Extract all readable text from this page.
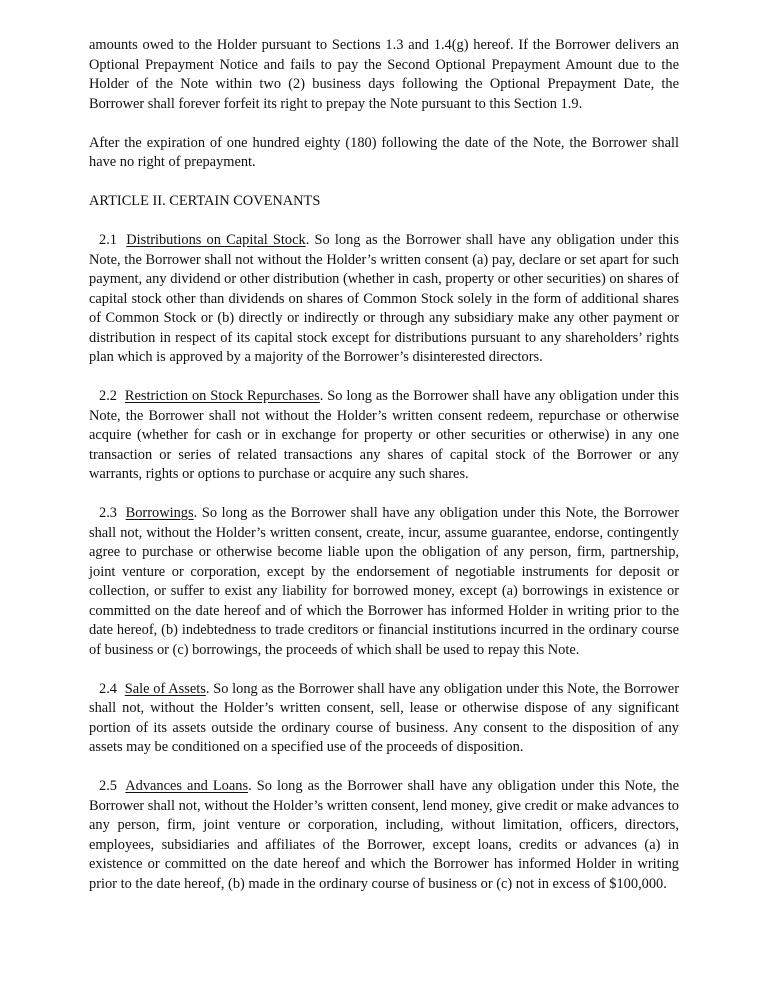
amounts owed to the Holder pursuant to Sections 1.3 and 1.4(g) hereof. If the Borrower delivers an Optional Prepayment Notice and fails to pay the Second Optional Prepayment Amount due to the Holder of the Note within two (2) business days following the Optional Prepayment Date, the Borrower shall forever forfeit its right to prepay the Note pursuant to this Section 1.9.

After the expiration of one hundred eighty (180) following the date of the Note, the Borrower shall have no right of prepayment.

ARTICLE II. CERTAIN COVENANTS

2.1 Distributions on Capital Stock. So long as the Borrower shall have any obligation under this Note, the Borrower shall not without the Holder’s written consent (a) pay, declare or set apart for such payment, any dividend or other distribution (whether in cash, property or other securities) on shares of capital stock other than dividends on shares of Common Stock solely in the form of additional shares of Common Stock or (b) directly or indirectly or through any subsidiary make any other payment or distribution in respect of its capital stock except for distributions pursuant to any shareholders’ rights plan which is approved by a majority of the Borrower’s disinterested directors.

2.2 Restriction on Stock Repurchases. So long as the Borrower shall have any obligation under this Note, the Borrower shall not without the Holder’s written consent redeem, repurchase or otherwise acquire (whether for cash or in exchange for property or other securities or otherwise) in any one transaction or series of related transactions any shares of capital stock of the Borrower or any warrants, rights or options to purchase or acquire any such shares.

2.3 Borrowings. So long as the Borrower shall have any obligation under this Note, the Borrower shall not, without the Holder’s written consent, create, incur, assume guarantee, endorse, contingently agree to purchase or otherwise become liable upon the obligation of any person, firm, partnership, joint venture or corporation, except by the endorsement of negotiable instruments for deposit or collection, or suffer to exist any liability for borrowed money, except (a) borrowings in existence or committed on the date hereof and of which the Borrower has informed Holder in writing prior to the date hereof, (b) indebtedness to trade creditors or financial institutions incurred in the ordinary course of business or (c) borrowings, the proceeds of which shall be used to repay this Note.

2.4 Sale of Assets. So long as the Borrower shall have any obligation under this Note, the Borrower shall not, without the Holder’s written consent, sell, lease or otherwise dispose of any significant portion of its assets outside the ordinary course of business. Any consent to the disposition of any assets may be conditioned on a specified use of the proceeds of disposition.

2.5 Advances and Loans. So long as the Borrower shall have any obligation under this Note, the Borrower shall not, without the Holder’s written consent, lend money, give credit or make advances to any person, firm, joint venture or corporation, including, without limitation, officers, directors, employees, subsidiaries and affiliates of the Borrower, except loans, credits or advances (a) in existence or committed on the date hereof and which the Borrower has informed Holder in writing prior to the date hereof, (b) made in the ordinary course of business or (c) not in excess of $100,000.
